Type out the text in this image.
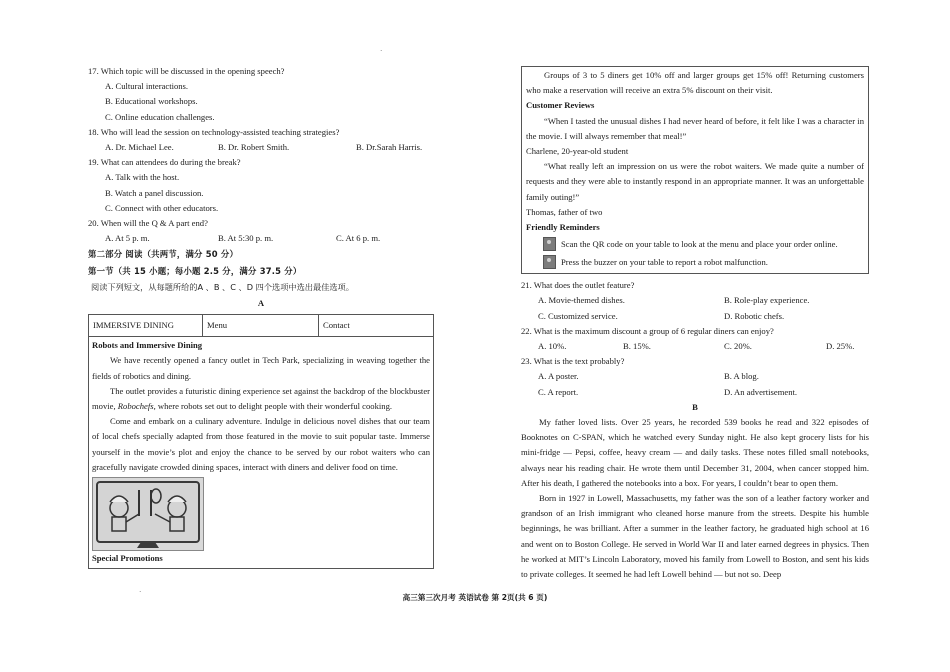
·
17. Which topic will be discussed in the opening speech?
A. Cultural interactions.
B. Educational workshops.
C. Online education challenges.
18. Who will lead the session on technology-assisted teaching strategies?
A. Dr. Michael Lee.	B. Dr. Robert Smith.	B. Dr.Sarah Harris.
19. What can attendees do during the break?
A. Talk with the host.
B. Watch a panel discussion.
C. Connect with other educators.
20. When will the Q & A part end?
A. At 5 p. m.	B. At 5:30 p. m.	C. At 6 p. m.
第二部分 阅读（共两节，满分 50 分）
第一节（共 15 小题；每小题 2.5 分，满分 37.5 分）
阅读下列短文，从每题所给的A 、B 、C 、D 四个选项中选出最佳选项。
A
IMMERSIVE DINING	Menu	Contact
Robots and Immersive Dining

We have recently opened a fancy outlet in Tech Park, specializing in weaving together the fields of robotics and dining.

The outlet provides a futuristic dining experience set against the backdrop of the blockbuster movie, Robochefs, where robots set out to delight people with their wonderful cooking.

Come and embark on a culinary adventure. Indulge in delicious novel dishes that our team of local chefs specially adapted from those featured in the movie to suit popular taste. Immerse yourself in the movie’s plot and enjoy the chance to be served by our robot waiters who can gracefully navigate crowded dining spaces, interact with diners and deliver food on time.

Special Promotions
·

Groups of 3 to 5 diners get 10% off and larger groups get 15% off! Returning customers who make a reservation will receive an extra 5% discount on their visit.

Customer Reviews

“When I tasted the unusual dishes I had never heard of before, it felt like I was a character in the movie. I will always remember that meal!”

Charlene, 20-year-old student

“What really left an impression on us were the robot waiters. We made quite a number of requests and they were able to instantly respond in an appropriate manner. It was an unforgettable family outing!”

Thomas, father of two
Friendly Reminders
Scan the QR code on your table to look at the menu and place your order online.
Press the buzzer on your table to report a robot malfunction.
21. What does the outlet feature?
A. Movie-themed dishes.	B. Role-play experience.
C. Customized service.	D. Robotic chefs.
22. What is the maximum discount a group of 6 regular diners can enjoy?
A. 10%.	B. 15%.	C. 20%.	D. 25%.
23. What is the text probably?
A. A poster.	B. A blog.
C. A report.	D. An advertisement.
B

My father loved lists. Over 25 years, he recorded 539 books he read and 322 episodes of Booknotes on C-SPAN, which he watched every Sunday night. He also kept grocery lists for his mini-fridge — Pepsi, coffee, heavy cream — and daily tasks. These notes filled small notebooks, always near his reading chair. He wrote them until December 31, 2004, when cancer stopped him. After his death, I gathered the notebooks into a box. For years, I couldn’t bear to open them.

Born in 1927 in Lowell, Massachusetts, my father was the son of a leather factory worker and grandson of an Irish immigrant who cleaned horse manure from the streets. Despite his humble beginnings, he was brilliant. After a summer in the leather factory, he graduated high school at 16 and went on to Boston College. He served in World War II and later earned degrees in physics. Then he worked at MIT’s Lincoln Laboratory, moved his family from Lowell to Boston, and sent his kids to private colleges. It seemed he had left Lowell behind — but not so. Deep

高三第三次月考 英语试卷 第 2页(共 6 页)
